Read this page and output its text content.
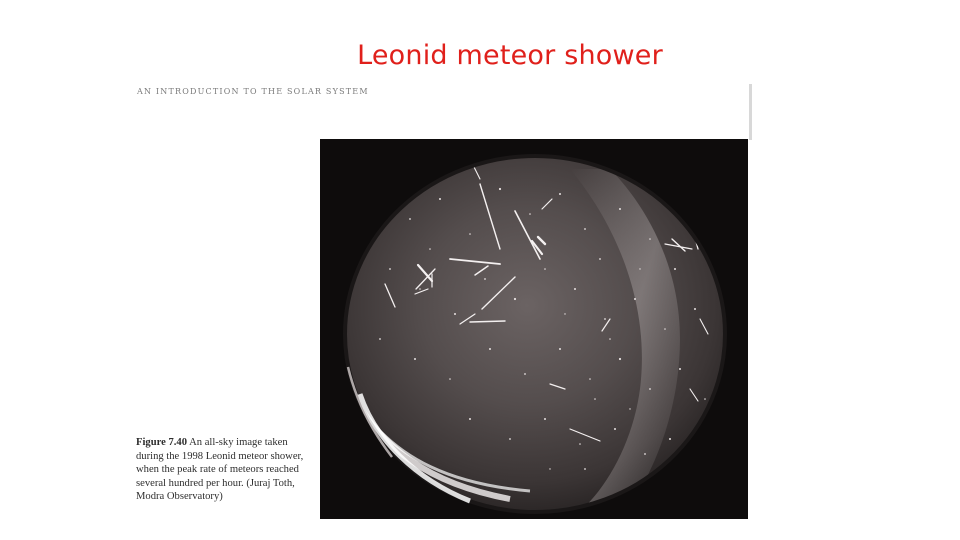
Leonid meteor shower
AN INTRODUCTION TO THE SOLAR SYSTEM
Figure 7.40 An all-sky image taken during the 1998 Leonid meteor shower, when the peak rate of meteors reached several hundred per hour. (Juraj Toth, Modra Observatory)
